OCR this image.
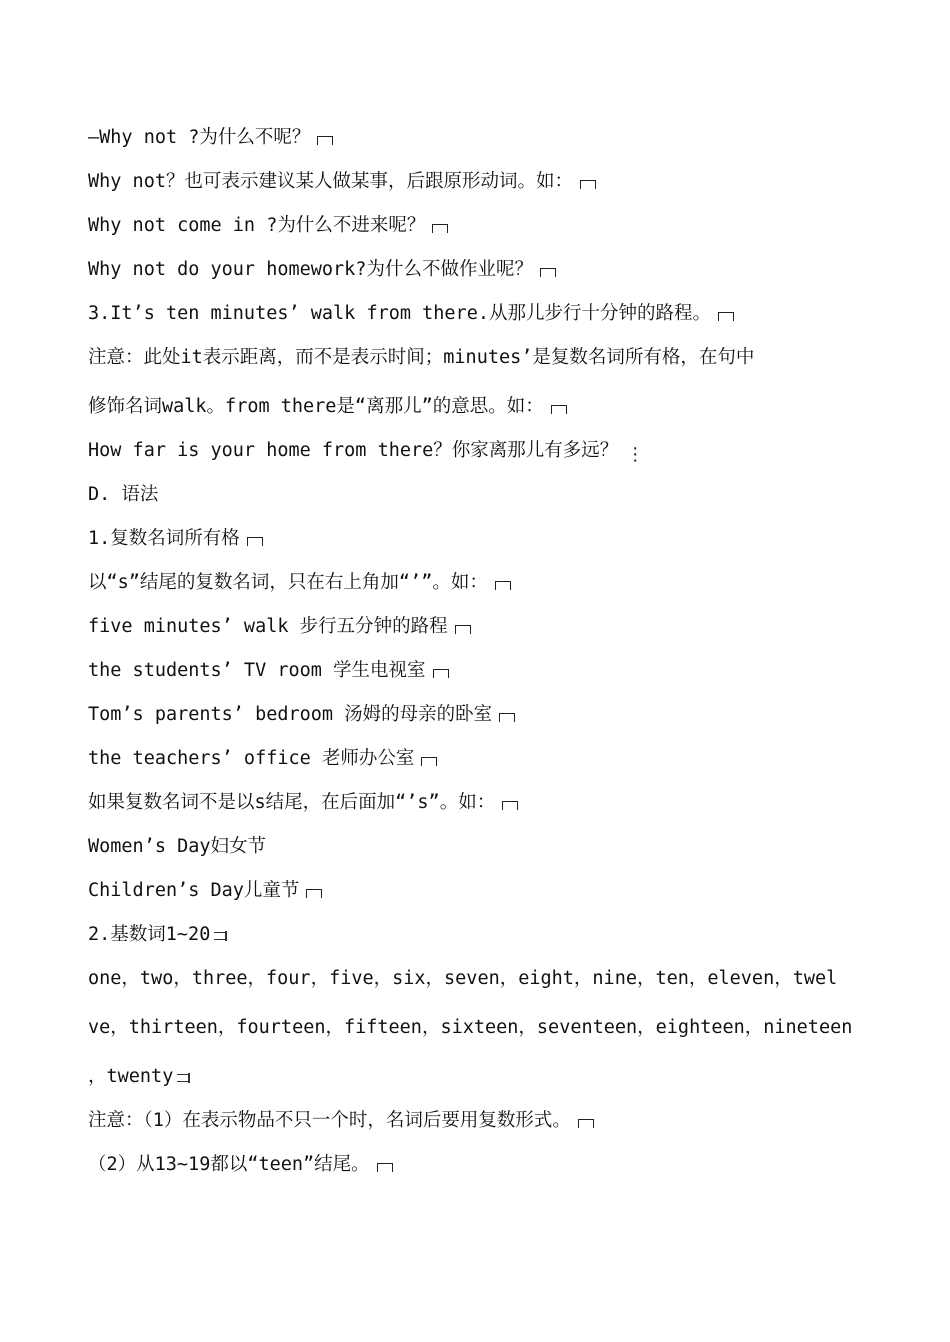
—Why not ?为什么不呢？
Why not？也可表示建议某人做某事，后跟原形动词。如：
Why not come in ?为什么不进来呢？
Why not do your homework?为什么不做作业呢？
3.It’s ten minutes’ walk from there.从那儿步行十分钟的路程。
注意：此处it表示距离，而不是表示时间；minutes’是复数名词所有格，在句中
修饰名词walk。from there是“离那儿”的意思。如：
How far is your home from there？你家离那儿有多远？⋮
D. 语法
1.复数名词所有格
以“s”结尾的复数名词，只在右上角加“’”。如：
five minutes’ walk 步行五分钟的路程
the students’ TV room 学生电视室
Tom’s parents’ bedroom 汤姆的母亲的卧室
the teachers’ office 老师办公室
如果复数名词不是以s结尾，在后面加“’s”。如：
Women’s Day妇女节
Children’s Day儿童节
2.基数词1~20
one，two，three，four，five，six，seven，eight，nine，ten，eleven，twel
ve，thirteen，fourteen，fifteen，sixteen，seventeen，eighteen，nineteen
，twenty
注意：（1）在表示物品不只一个时，名词后要用复数形式。
（2）从13~19都以“teen”结尾。
